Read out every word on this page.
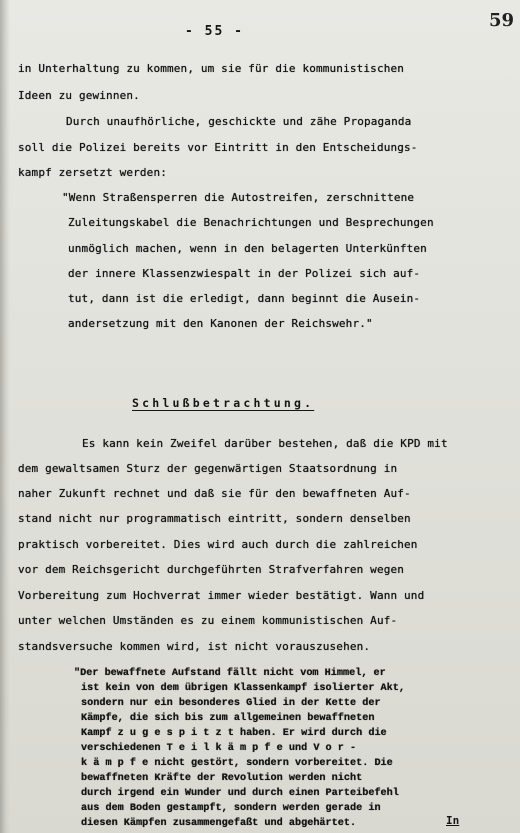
- 55 -
59
in Unterhaltung zu kommen, um sie für die kommunistischen
Ideen zu gewinnen.
Durch unaufhörliche, geschickte und zähe Propaganda
soll die Polizei bereits vor Eintritt in den Entscheidungs-
kampf zersetzt werden:
"Wenn Straßensperren die Autostreifen, zerschnittene
Zuleitungskabel die Benachrichtungen und Besprechungen
unmöglich machen, wenn in den belagerten Unterkünften
der innere Klassenzwiespalt in der Polizei sich auf-
tut, dann ist die erledigt, dann beginnt die Ausein-
andersetzung mit den Kanonen der Reichswehr."
Schlußbetrachtung.
Es kann kein Zweifel darüber bestehen, daß die KPD mit
dem gewaltsamen Sturz der gegenwärtigen Staatsordnung in
naher Zukunft rechnet und daß sie für den bewaffneten Auf-
stand nicht nur programmatisch eintritt, sondern denselben
praktisch vorbereitet. Dies wird auch durch die zahlreichen
vor dem Reichsgericht durchgeführten Strafverfahren wegen
Vorbereitung zum Hochverrat immer wieder bestätigt. Wann und
unter welchen Umständen es zu einem kommunistischen Auf-
standsversuche kommen wird, ist nicht vorauszusehen.
"Der bewaffnete Aufstand fällt nicht vom Himmel, er
ist kein von dem übrigen Klassenkampf isolierter Akt,
sondern nur ein besonderes Glied in der Kette der
Kämpfe, die sich bis zum allgemeinen bewaffneten
Kampf z u g e s p i t z t haben. Er wird durch die
verschiedenen T e i l k ä m p f e und V o r -
k ä m p f e nicht gestört, sondern vorbereitet. Die
bewaffneten Kräfte der Revolution werden nicht
durch irgend ein Wunder und durch einen Parteibefehl
aus dem Boden gestampft, sondern werden gerade in
diesen Kämpfen zusammengefaßt und abgehärtet.	In
